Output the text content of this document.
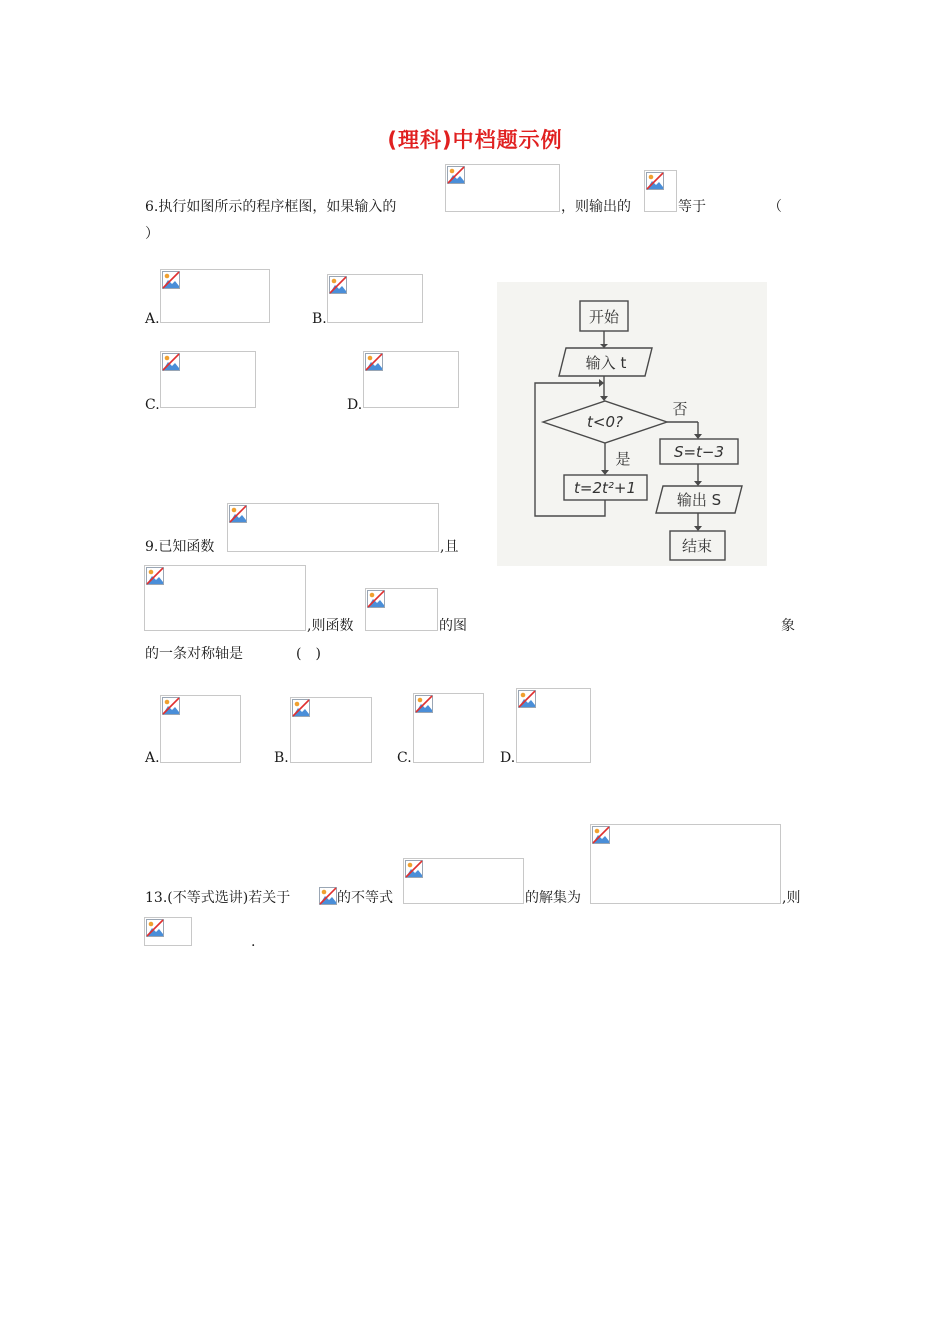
(理科)中档题示例
6.执行如图所示的程序框图，如果输入的	，则输出的	等于	（
）
A.	B.
C.	D.
开始
输入 t
t<0?
否
是	S=t−3
t=2t²+1
输出 S
结束
9.已知函数	,且
,则函数	的图	象
的一条对称轴是	(　)
A.	B.	C.	D.
13.(不等式选讲)若关于	的不等式	的解集为	,则
.
